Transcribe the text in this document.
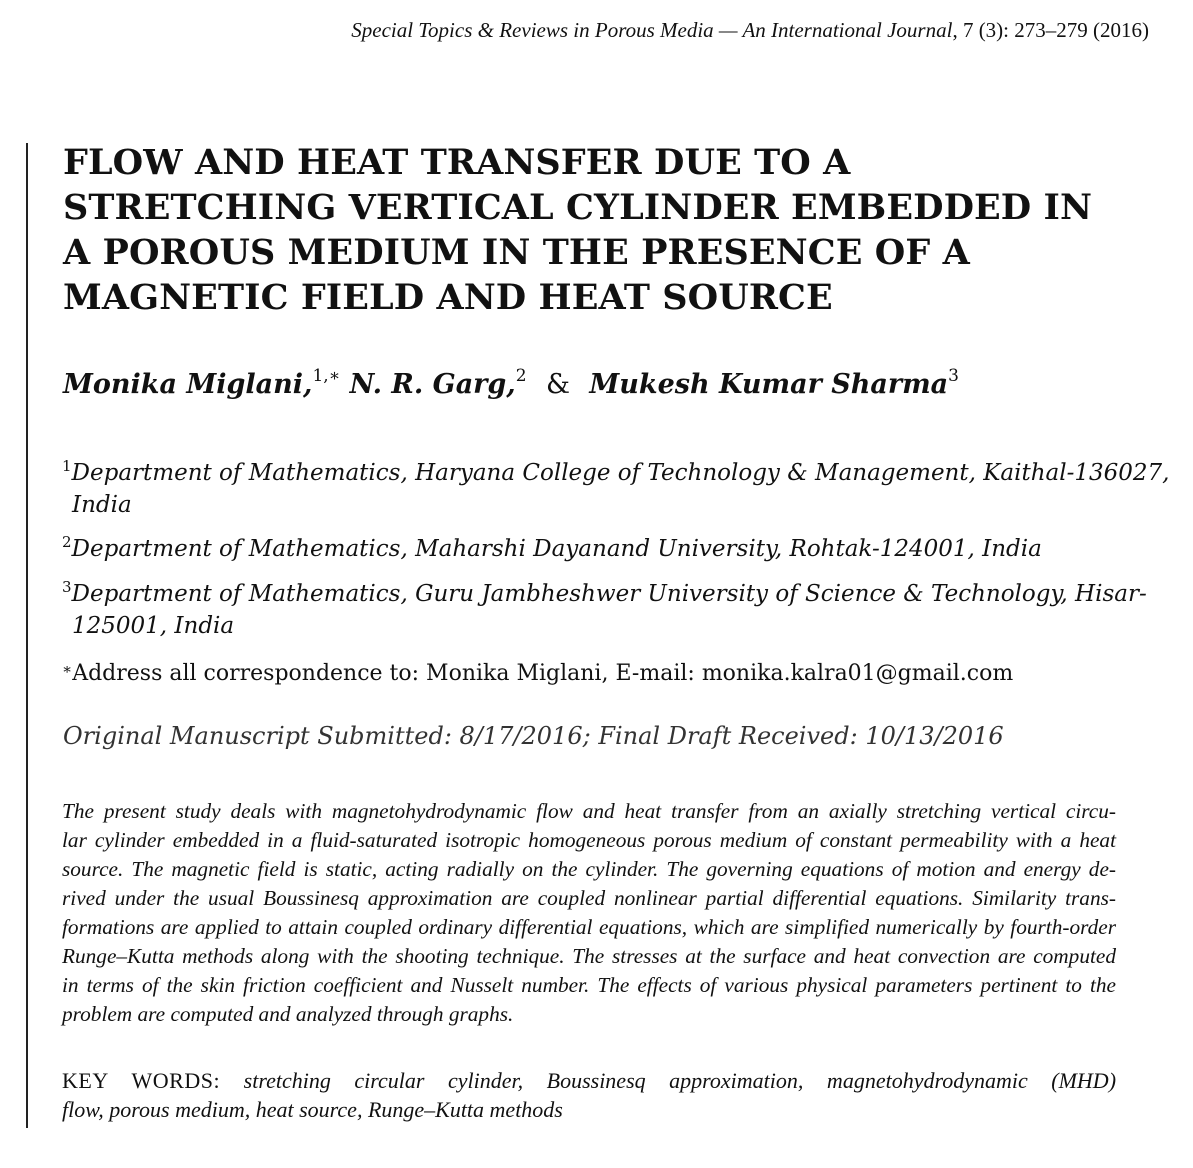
Special Topics & Reviews in Porous Media — An International Journal, 7 (3): 273–279 (2016)
FLOW AND HEAT TRANSFER DUE TO A
STRETCHING VERTICAL CYLINDER EMBEDDED IN
A POROUS MEDIUM IN THE PRESENCE OF A
MAGNETIC FIELD AND HEAT SOURCE
Monika Miglani,$^{1,∗}$ N. R. Garg,$^2$ & Mukesh Kumar Sharma$^3$
$^1$Department of Mathematics, Haryana College of Technology & Management, Kaithal-136027,
India
$^2$Department of Mathematics, Maharshi Dayanand University, Rohtak-124001, India
$^3$Department of Mathematics, Guru Jambheshwer University of Science & Technology, Hisar-
125001, India
∗Address all correspondence to: Monika Miglani, E-mail: monika.kalra01@gmail.com
Original Manuscript Submitted: 8/17/2016; Final Draft Received: 10/13/2016
The present study deals with magnetohydrodynamic flow and heat transfer from an axially stretching vertical circu-
lar cylinder embedded in a fluid-saturated isotropic homogeneous porous medium of constant permeability with a heat
source. The magnetic field is static, acting radially on the cylinder. The governing equations of motion and energy de-
rived under the usual Boussinesq approximation are coupled nonlinear partial differential equations. Similarity trans-
formations are applied to attain coupled ordinary differential equations, which are simplified numerically by fourth-order
Runge–Kutta methods along with the shooting technique. The stresses at the surface and heat convection are computed
in terms of the skin friction coefficient and Nusselt number. The effects of various physical parameters pertinent to the
problem are computed and analyzed through graphs.
KEY WORDS: stretching circular cylinder, Boussinesq approximation, magnetohydrodynamic (MHD)
flow, porous medium, heat source, Runge–Kutta methods
